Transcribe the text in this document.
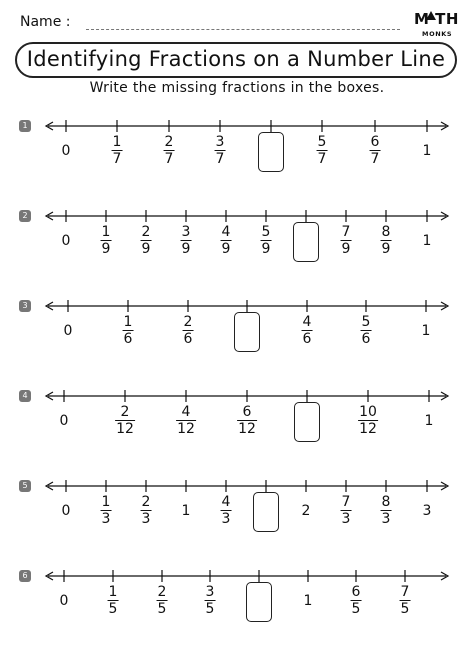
Name :	M TH
MONKS
Identifying Fractions on a Number Line
Write the missing fractions in the boxes.
1
0
1
7
2
7
3
7
5
7
6
7	1
2
0
1
9
2
9
3
9
4
9
5
9
7
9
8
9 1
3
0
1
6
2
6
4
6
5
6	1
4
0
2
12
4
12
6
12
10
12	1
5
0
1
3
2
3 1
4
3	2
7
3
8
3 3
6
0
1
5
2
5
3
5	1
6
5
7
5
